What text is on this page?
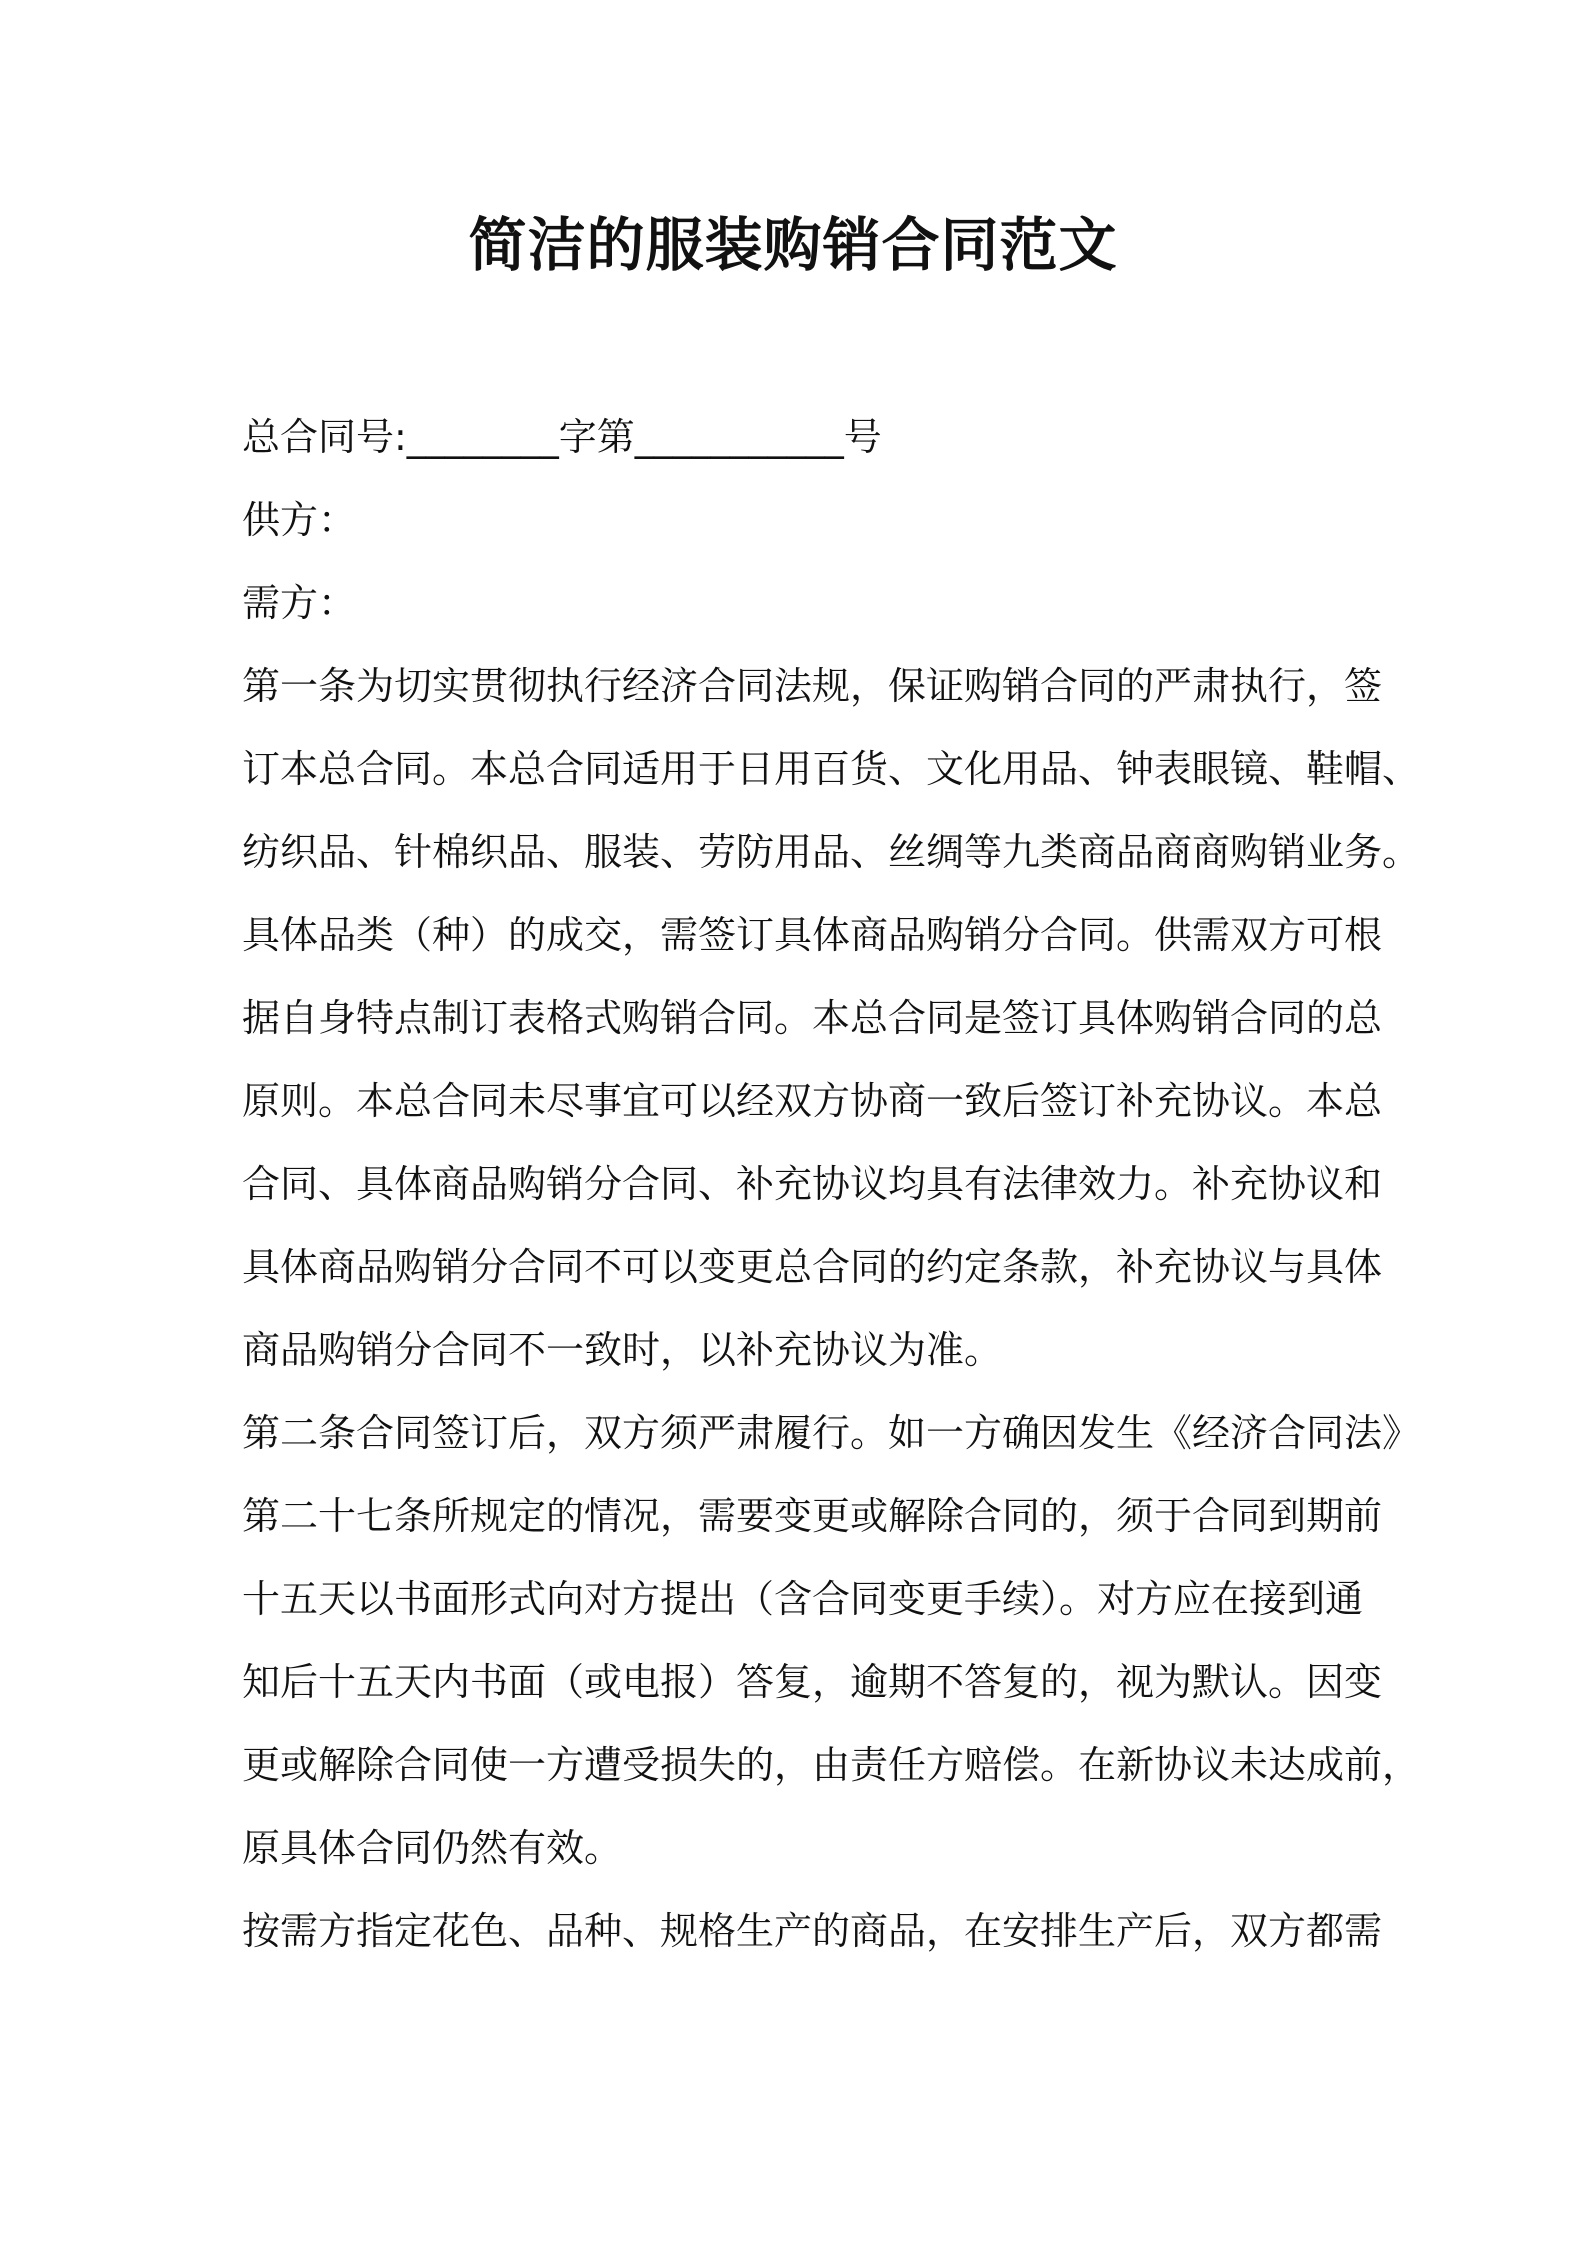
简洁的服装购销合同范文
总合同号:________字第___________号
供方：
需方：
第一条为切实贯彻执行经济合同法规，保证购销合同的严肃执行，签
订本总合同。本总合同适用于日用百货、文化用品、钟表眼镜、鞋帽、
纺织品、针棉织品、服装、劳防用品、丝绸等九类商品商商购销业务。
具体品类（种）的成交，需签订具体商品购销分合同。供需双方可根
据自身特点制订表格式购销合同。本总合同是签订具体购销合同的总
原则。本总合同未尽事宜可以经双方协商一致后签订补充协议。本总
合同、具体商品购销分合同、补充协议均具有法律效力。补充协议和
具体商品购销分合同不可以变更总合同的约定条款，补充协议与具体
商品购销分合同不一致时，以补充协议为准。
第二条合同签订后，双方须严肃履行。如一方确因发生《经济合同法》
第二十七条所规定的情况，需要变更或解除合同的，须于合同到期前
十五天以书面形式向对方提出（含合同变更手续）。对方应在接到通
知后十五天内书面（或电报）答复，逾期不答复的，视为默认。因变
更或解除合同使一方遭受损失的，由责任方赔偿。在新协议未达成前，
原具体合同仍然有效。
按需方指定花色、品种、规格生产的商品，在安排生产后，双方都需
